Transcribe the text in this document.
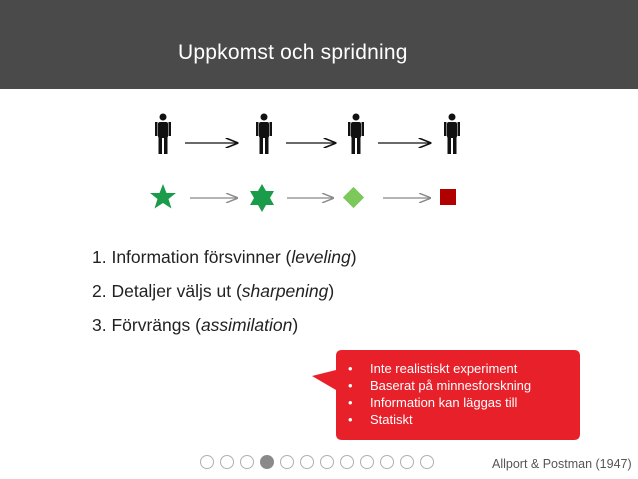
Uppkomst och spridning
1. Information försvinner (leveling)
2. Detaljer väljs ut (sharpening)
3. Förvrängs (assimilation)
• Inte realistiskt experiment
• Baserat på minnesforskning
• Information kan läggas till
• Statiskt
Allport & Postman (1947)
